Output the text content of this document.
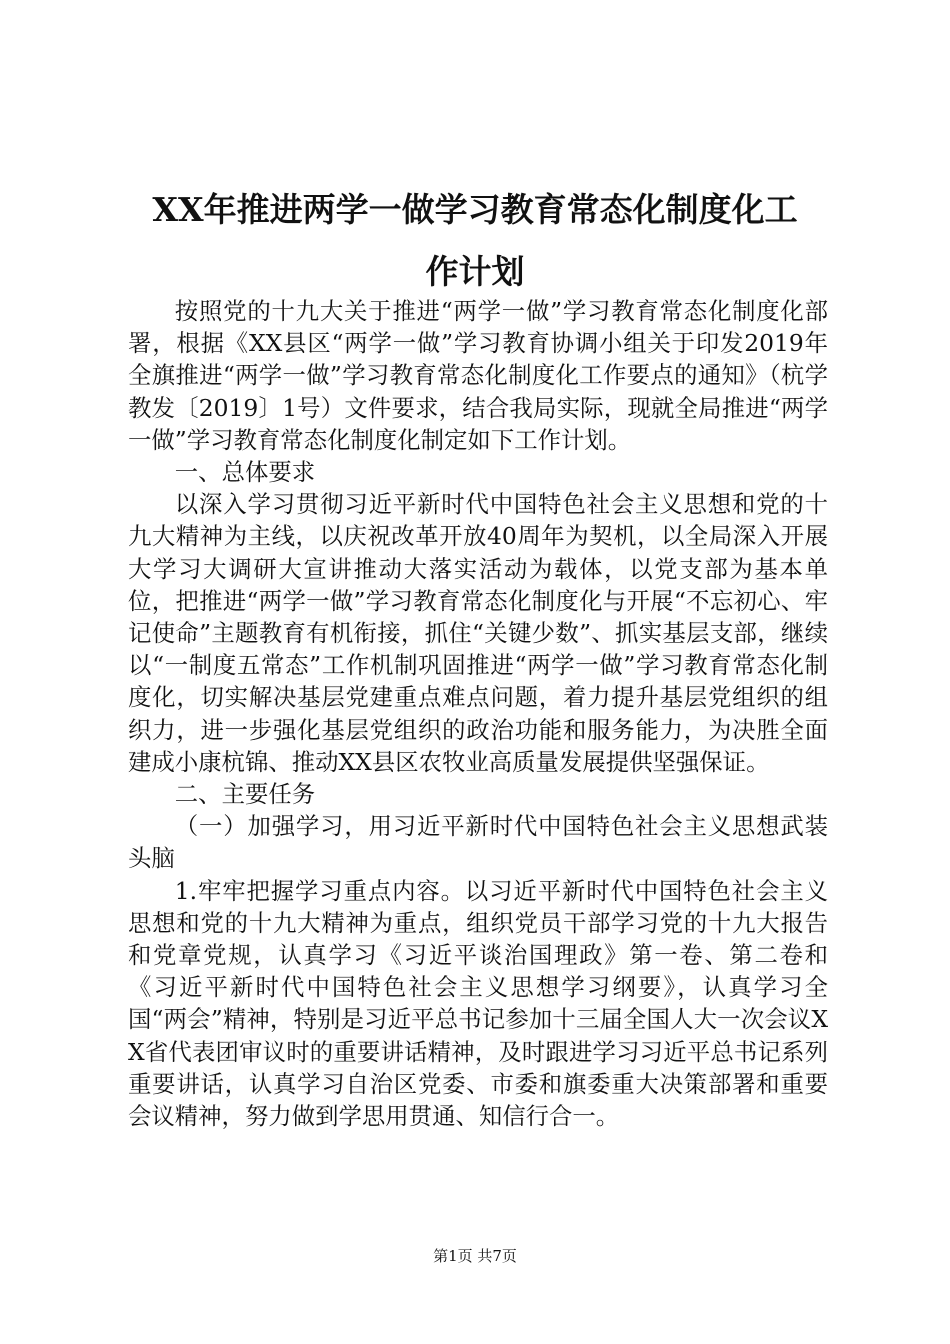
XX年推进两学一做学习教育常态化制度化工
作计划

按照党的十九大关于推进“两学一做”学习教育常态化制度化部署，根据《XX县区“两学一做”学习教育协调小组关于印发2019年全旗推进“两学一做”学习教育常态化制度化工作要点的通知》（杭学教发〔2019〕1号）文件要求，结合我局实际，现就全局推进“两学一做”学习教育常态化制度化制定如下工作计划。

一、总体要求

以深入学习贯彻习近平新时代中国特色社会主义思想和党的十九大精神为主线，以庆祝改革开放40周年为契机，以全局深入开展大学习大调研大宣讲推动大落实活动为载体，以党支部为基本单位，把推进“两学一做”学习教育常态化制度化与开展“不忘初心、牢记使命”主题教育有机衔接，抓住“关键少数”、抓实基层支部，继续以“一制度五常态”工作机制巩固推进“两学一做”学习教育常态化制度化，切实解决基层党建重点难点问题，着力提升基层党组织的组织力，进一步强化基层党组织的政治功能和服务能力，为决胜全面建成小康杭锦、推动XX县区农牧业高质量发展提供坚强保证。

二、主要任务

（一）加强学习，用习近平新时代中国特色社会主义思想武装头脑

1.牢牢把握学习重点内容。以习近平新时代中国特色社会主义思想和党的十九大精神为重点，组织党员干部学习党的十九大报告和党章党规，认真学习《习近平谈治国理政》第一卷、第二卷和《习近平新时代中国特色社会主义思想学习纲要》，认真学习全国“两会”精神，特别是习近平总书记参加十三届全国人大一次会议XX省代表团审议时的重要讲话精神，及时跟进学习习近平总书记系列重要讲话，认真学习自治区党委、市委和旗委重大决策部署和重要会议精神，努力做到学思用贯通、知信行合一。

第1页 共7页
